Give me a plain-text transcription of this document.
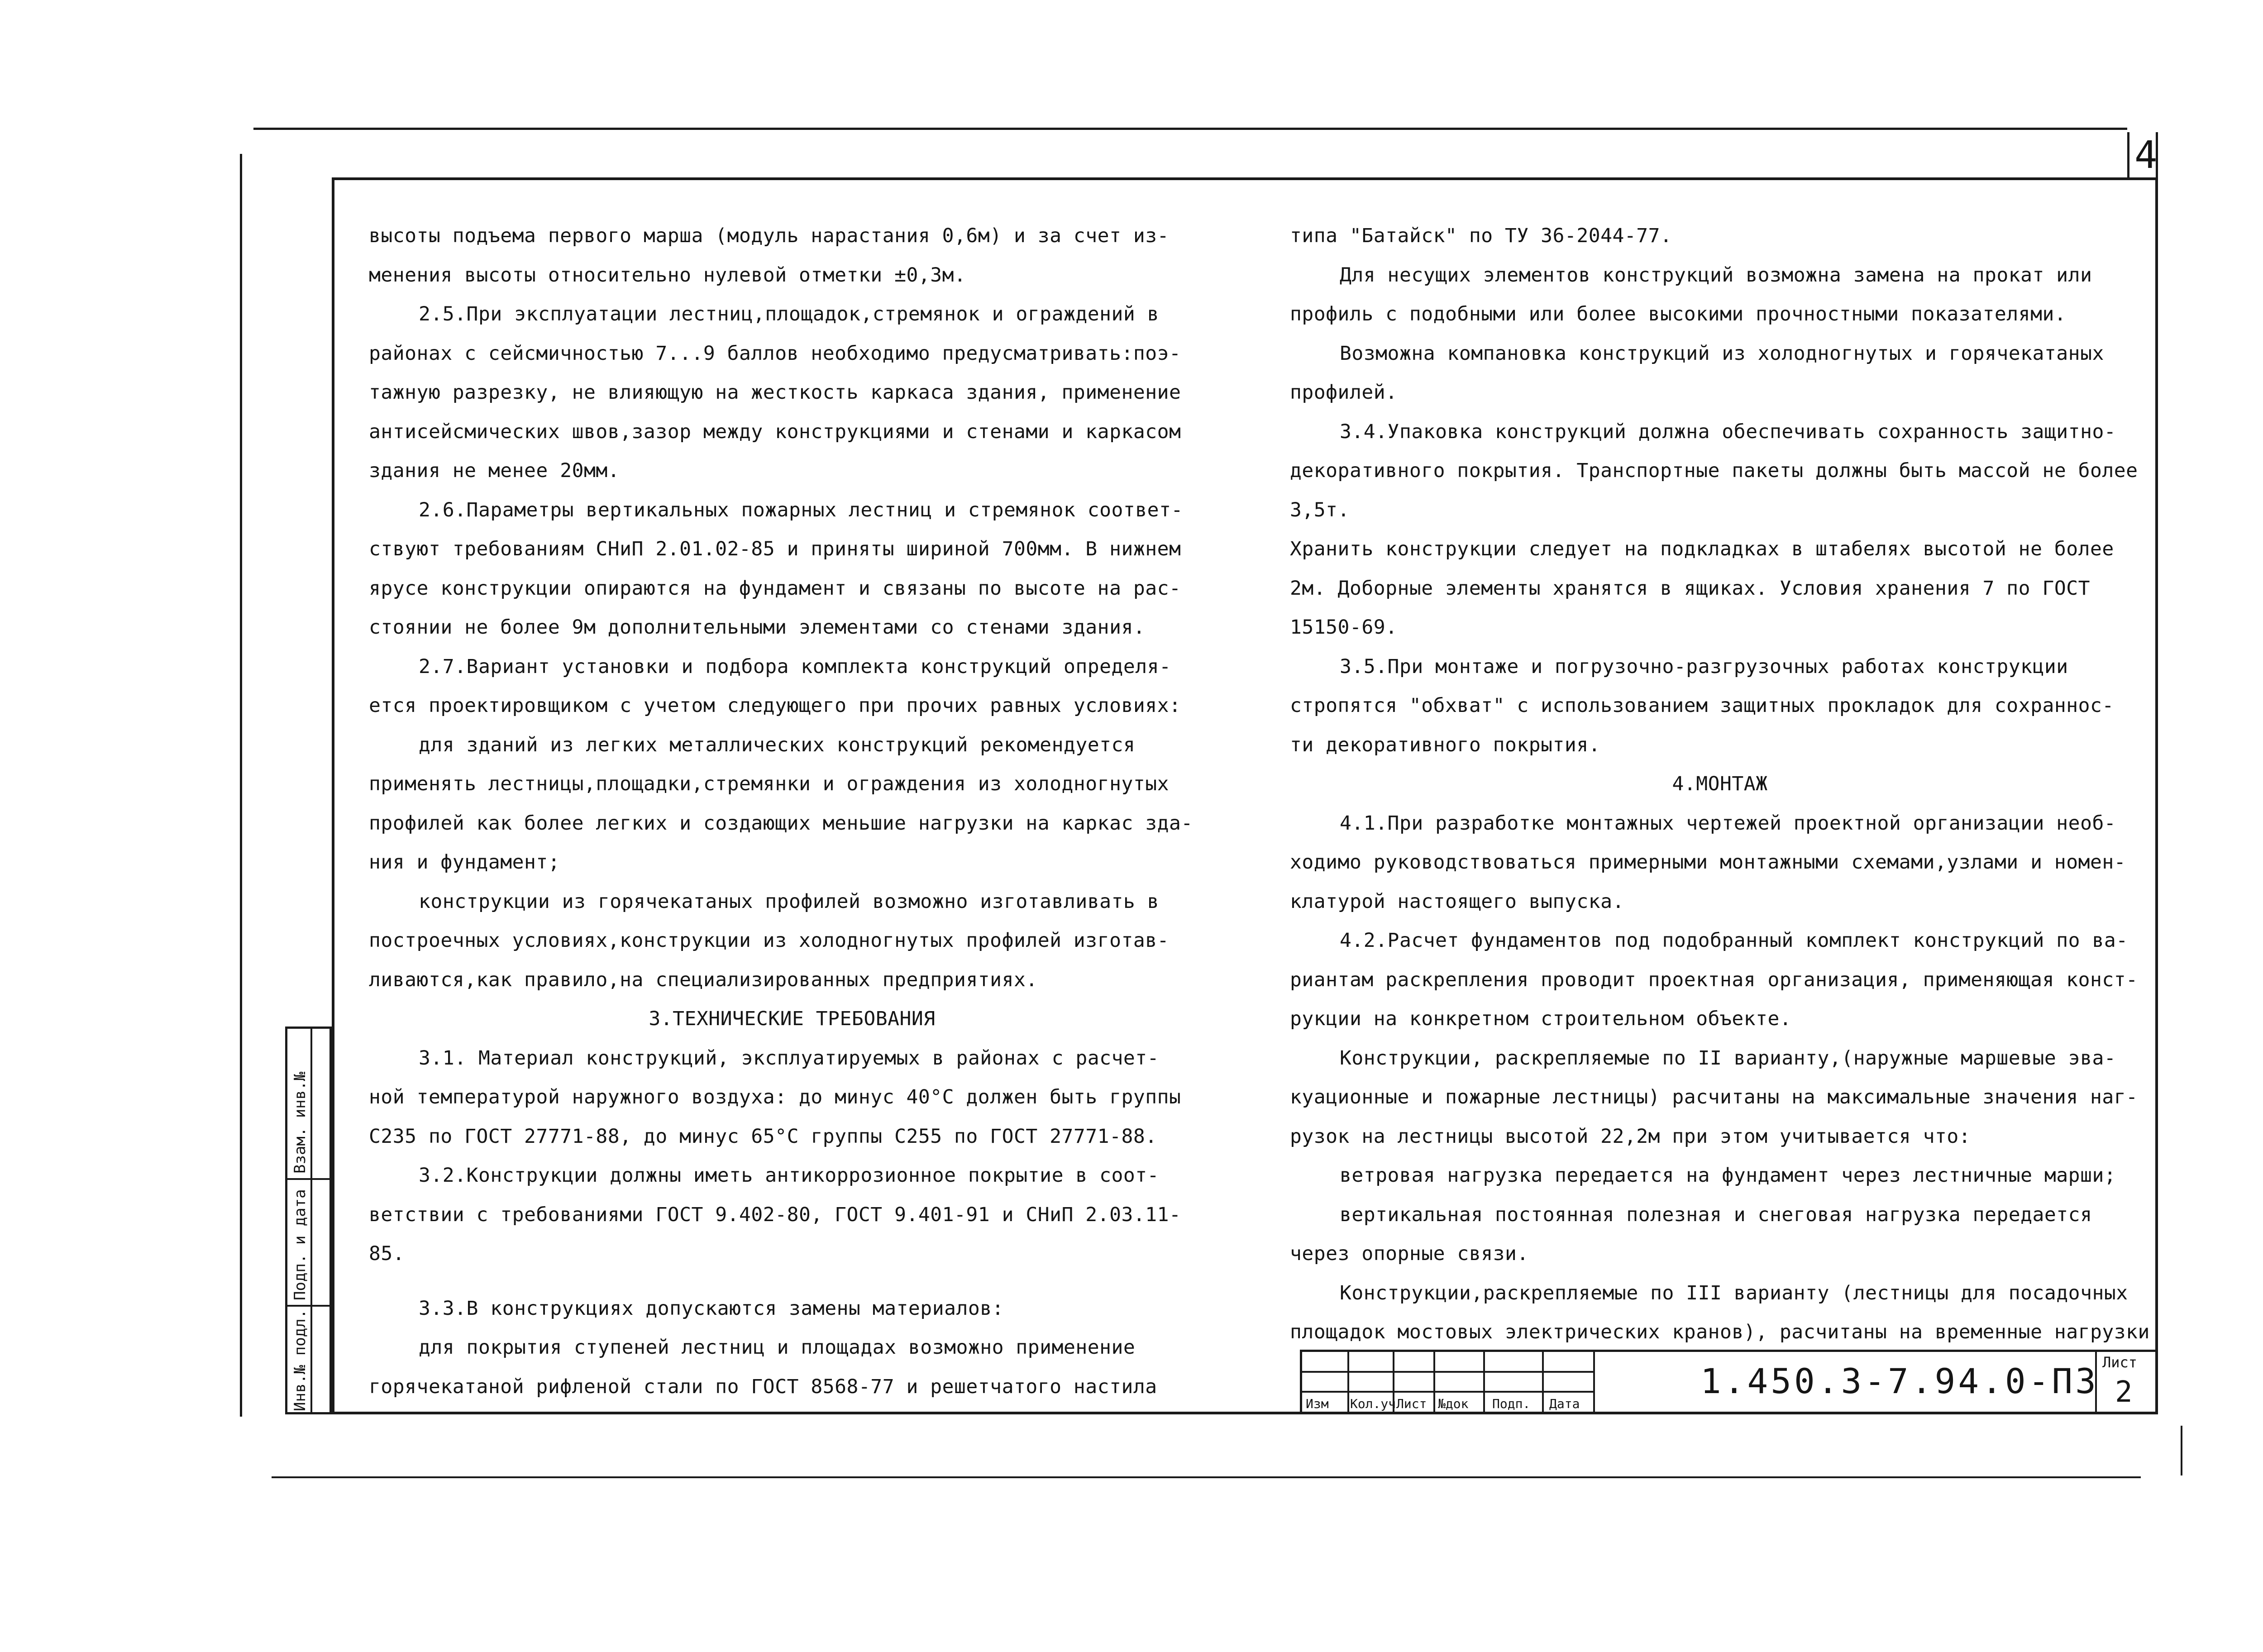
4

высоты подъема первого марша (модуль нарастания 0,6м) и за счет из-

менения высоты относительно нулевой отметки ±0,3м.

2.5.При эксплуатации лестниц,площадок,стремянок и ограждений в

районах с сейсмичностью 7...9 баллов необходимо предусматривать:поэ-

тажную разрезку, не влияющую на жесткость каркаса здания, применение

антисейсмических швов,зазор между конструкциями и стенами и каркасом

здания не менее 20мм.

2.6.Параметры вертикальных пожарных лестниц и стремянок соответ-

ствуют требованиям СНиП 2.01.02-85 и приняты шириной 700мм. В нижнем

ярусе конструкции опираются на фундамент и связаны по высоте на рас-

стоянии не более 9м дополнительными элементами со стенами здания.

2.7.Вариант установки и подбора комплекта конструкций определя-

ется проектировщиком с учетом следующего при прочих равных условиях:

для зданий из легких металлических конструкций рекомендуется

применять лестницы,площадки,стремянки и ограждения из холодногнутых

профилей как более легких и создающих меньшие нагрузки на каркас зда-

ния и фундамент;

конструкции из горячекатаных профилей возможно изготавливать в

построечных условиях,конструкции из холодногнутых профилей изготав-

ливаются,как правило,на специализированных предприятиях.

3.ТЕХНИЧЕСКИЕ ТРЕБОВАНИЯ

3.1. Материал конструкций, эксплуатируемых в районах с расчет-

ной температурой наружного воздуха: до минус 40°С должен быть группы

С235 по ГОСТ 27771-88, до минус 65°С группы С255 по ГОСТ 27771-88.

3.2.Конструкции должны иметь антикоррозионное покрытие в соот-

ветствии с требованиями ГОСТ 9.402-80, ГОСТ 9.401-91 и СНиП 2.03.11-85.

3.3.В конструкциях допускаются замены материалов:

для покрытия ступеней лестниц и площадах возможно применение

горячекатаной рифленой стали по ГОСТ 8568-77 и решетчатого настила

типа "Батайск" по ТУ 36-2044-77.

Для несущих элементов конструкций возможна замена на прокат или

профиль с подобными или более высокими прочностными показателями.

Возможна компановка конструкций из холодногнутых и горячекатаных

профилей.

3.4.Упаковка конструкций должна обеспечивать сохранность защитно-

декоративного покрытия. Транспортные пакеты должны быть массой не более 3,5т.

Хранить конструкции следует на подкладках в штабелях высотой не более

2м. Доборные элементы хранятся в ящиках. Условия хранения 7 по ГОСТ

15150-69.

3.5.При монтаже и погрузочно-разгрузочных работах конструкции

стропятся "обхват" с использованием защитных прокладок для сохраннос-

ти декоративного покрытия.

4.МОНТАЖ

4.1.При разработке монтажных чертежей проектной организации необ-

ходимо руководствоваться примерными монтажными схемами,узлами и номен-

клатурой настоящего выпуска.

4.2.Расчет фундаментов под подобранный комплект конструкций по ва-

риантам раскрепления проводит проектная организация, применяющая конст-

рукции на конкретном строительном объекте.

Конструкции, раскрепляемые по II варианту,(наружные маршевые эва-

куационные и пожарные лестницы) расчитаны на максимальные значения наг-

рузок на лестницы высотой 22,2м при этом учитывается что:

ветровая нагрузка передается на фундамент через лестничные марши;

вертикальная постоянная полезная и снеговая нагрузка передается

через опорные связи.

Конструкции,раскрепляемые по III варианту (лестницы для посадочных

площадок мостовых электрических кранов), расчитаны на временные нагрузки

Инв.№ подл.
Подп. и дата
Взам. инв.№
Изм Кол.уч Лист №док Подп. Дата
1.450.3-7.94.0-ПЗ Лист
2
